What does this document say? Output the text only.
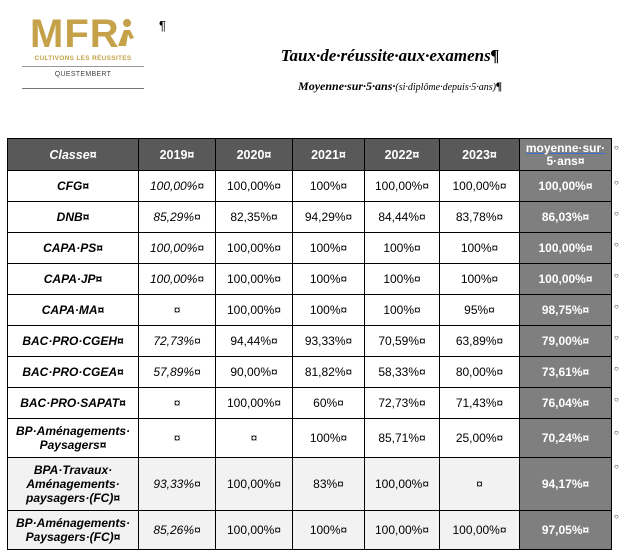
MFR
CULTIVONS LES RÉUSSITES
QUESTEMBERT
¶
Taux·de·réussite·aux·examens¶
Moyenne·sur·5·ans·(si·diplôme·depuis·5·ans)¶
Classe¤	2019¤	2020¤	2021¤	2022¤	2023¤	moyenne·sur·
5·ans¤
CFG¤	100,00%¤	100,00%¤	100%¤	100,00%¤	100,00%¤	100,00%¤
DNB¤	85,29%¤	82,35%¤	94,29%¤	84,44%¤	83,78%¤	86,03%¤
CAPA·PS¤	100,00%¤	100,00%¤	100%¤	100%¤	100%¤	100,00%¤
CAPA·JP¤	100,00%¤	100,00%¤	100%¤	100%¤	100%¤	100,00%¤
CAPA·MA¤	¤	100,00%¤	100%¤	100%¤	95%¤	98,75%¤
BAC·PRO·CGEH¤	72,73%¤	94,44%¤	93,33%¤	70,59%¤	63,89%¤	79,00%¤
BAC·PRO·CGEA¤	57,89%¤	90,00%¤	81,82%¤	58,33%¤	80,00%¤	73,61%¤
BAC·PRO·SAPAT¤	¤	100,00%¤	60%¤	72,73%¤	71,43%¤	76,04%¤
BP·Aménagements·
Paysagers¤	¤	¤	100%¤	85,71%¤	25,00%¤	70,24%¤
BPA·Travaux·
Aménagements·
paysagers·(FC)¤	93,33%¤	100,00%¤	83%¤	100,00%¤	¤	94,17%¤
BP·Aménagements·
Paysagers·(FC)¤	85,26%¤	100,00%¤	100%¤	100,00%¤	100,00%¤	97,05%¤
○
○
○
○
○
○
○
○
○
○
○
○
